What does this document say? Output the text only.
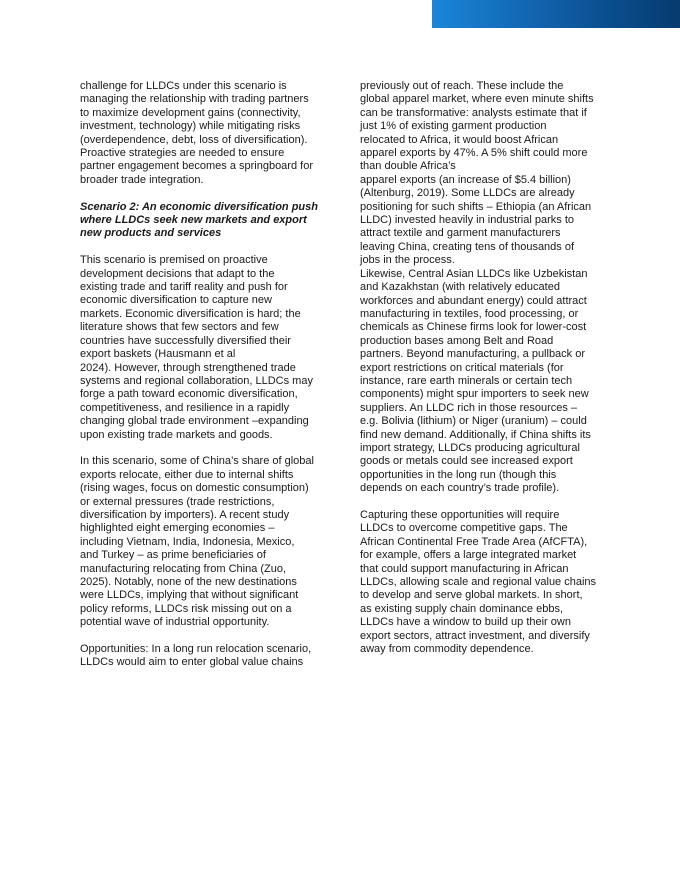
challenge for LLDCs under this scenario is
managing the relationship with trading partners
to maximize development gains (connectivity,
investment, technology) while mitigating risks
(overdependence, debt, loss of diversification).
Proactive strategies are needed to ensure
partner engagement becomes a springboard for
broader trade integration.

Scenario 2: An economic diversification push
where LLDCs seek new markets and export
new products and services

This scenario is premised on proactive
development decisions that adapt to the
existing trade and tariff reality and push for
economic diversification to capture new
markets. Economic diversification is hard; the
literature shows that few sectors and few
countries have successfully diversified their
export baskets (Hausmann et al
2024). However, through strengthened trade
systems and regional collaboration, LLDCs may
forge a path toward economic diversification,
competitiveness, and resilience in a rapidly
changing global trade environment –expanding
upon existing trade markets and goods.

In this scenario, some of China’s share of global
exports relocate, either due to internal shifts
(rising wages, focus on domestic consumption)
or external pressures (trade restrictions,
diversification by importers). A recent study
highlighted eight emerging economies –
including Vietnam, India, Indonesia, Mexico,
and Turkey – as prime beneficiaries of
manufacturing relocating from China (Zuo,
2025). Notably, none of the new destinations
were LLDCs, implying that without significant
policy reforms, LLDCs risk missing out on a
potential wave of industrial opportunity.

Opportunities: In a long run relocation scenario,
LLDCs would aim to enter global value chains

previously out of reach. These include the
global apparel market, where even minute shifts
can be transformative: analysts estimate that if
just 1% of existing garment production
relocated to Africa, it would boost African
apparel exports by 47%. A 5% shift could more
than double Africa’s
apparel exports (an increase of $5.4 billion)
(Altenburg, 2019). Some LLDCs are already
positioning for such shifts – Ethiopia (an African
LLDC) invested heavily in industrial parks to
attract textile and garment manufacturers
leaving China, creating tens of thousands of
jobs in the process.

Likewise, Central Asian LLDCs like Uzbekistan
and Kazakhstan (with relatively educated
workforces and abundant energy) could attract
manufacturing in textiles, food processing, or
chemicals as Chinese firms look for lower-cost
production bases among Belt and Road
partners. Beyond manufacturing, a pullback or
export restrictions on critical materials (for
instance, rare earth minerals or certain tech
components) might spur importers to seek new
suppliers. An LLDC rich in those resources –
e.g. Bolivia (lithium) or Niger (uranium) – could
find new demand. Additionally, if China shifts its
import strategy, LLDCs producing agricultural
goods or metals could see increased export
opportunities in the long run (though this
depends on each country’s trade profile).

Capturing these opportunities will require
LLDCs to overcome competitive gaps. The
African Continental Free Trade Area (AfCFTA),
for example, offers a large integrated market
that could support manufacturing in African
LLDCs, allowing scale and regional value chains
to develop and serve global markets. In short,
as existing supply chain dominance ebbs,
LLDCs have a window to build up their own
export sectors, attract investment, and diversify
away from commodity dependence.
